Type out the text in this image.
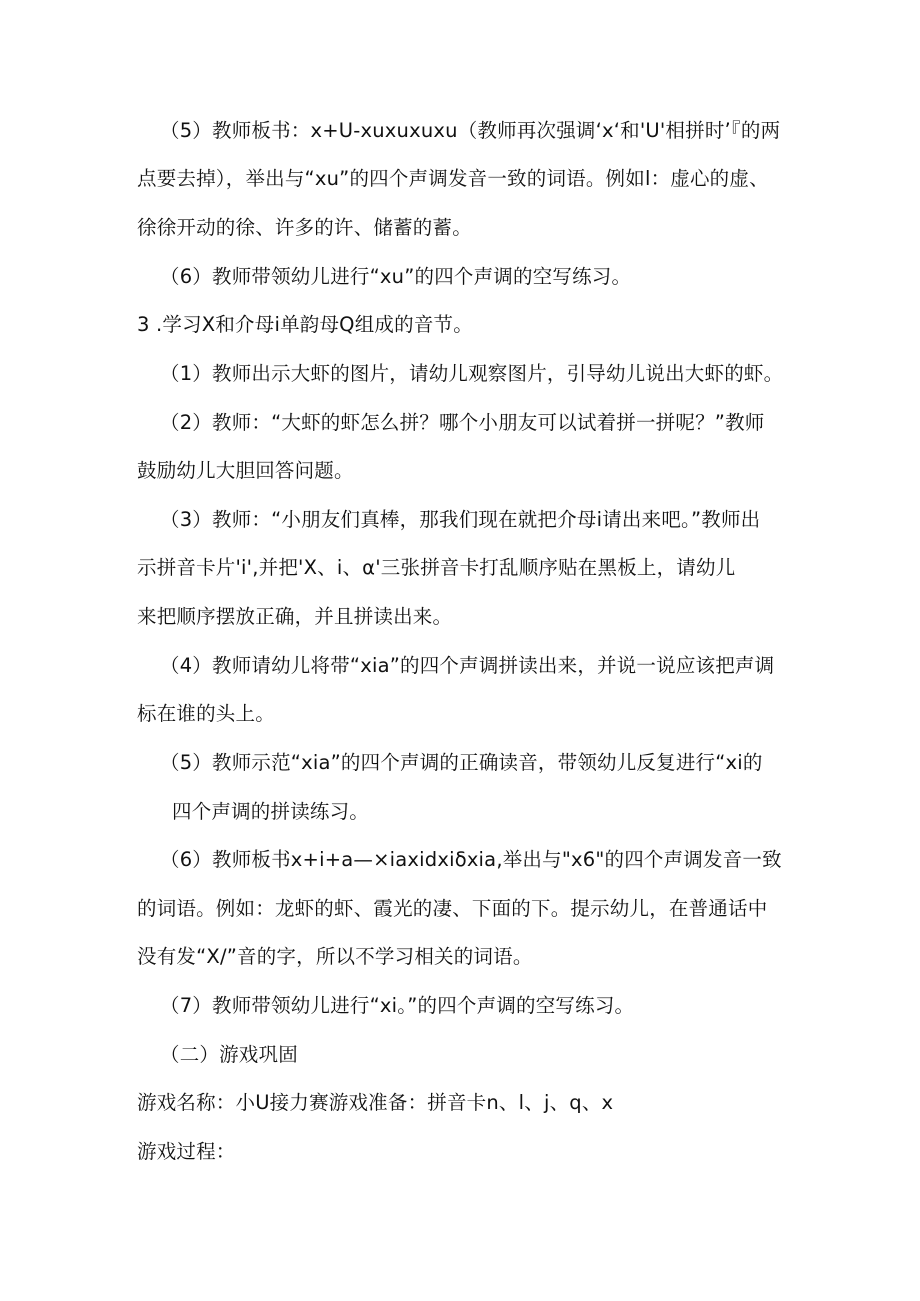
（5）教师板书：x+U-xuxuxuxu（教师再次强调‘x‘和'U'相拼时’『的两
点要去掉），举出与“xu”的四个声调发音一致的词语。例如l：虚心的虚、
徐徐开动的徐、许多的许、储蓄的蓄。
（6）教师带领幼儿进行“xu”的四个声调的空写练习。
3 .学习X和介母i单韵母Q组成的音节。
（1）教师出示大虾的图片，请幼儿观察图片，引导幼儿说出大虾的虾。
（2）教师：“大虾的虾怎么拼？哪个小朋友可以试着拼一拼呢？”教师
鼓励幼儿大胆回答问题。
（3）教师：“小朋友们真棒，那我们现在就把介母i请出来吧。”教师出
示拼音卡片'i',并把'X、i、α'三张拼音卡打乱顺序贴在黑板上，请幼儿
来把顺序摆放正确，并且拼读出来。
（4）教师请幼儿将带“xia”的四个声调拼读出来，并说一说应该把声调
标在谁的头上。
（5）教师示范“xia”的四个声调的正确读音，带领幼儿反复进行“xi的
四个声调的拼读练习。
（6）教师板书x+i+a—×iaxidxiδxia,举出与"x6"的四个声调发音一致
的词语。例如：龙虾的虾、霞光的凄、下面的下。提示幼儿，在普通话中
没有发“X/”音的字，所以不学习相关的词语。
（7）教师带领幼儿进行“xi。”的四个声调的空写练习。
（二）游戏巩固
游戏名称：小U接力赛游戏准备：拼音卡n、l、j、q、x
游戏过程：
